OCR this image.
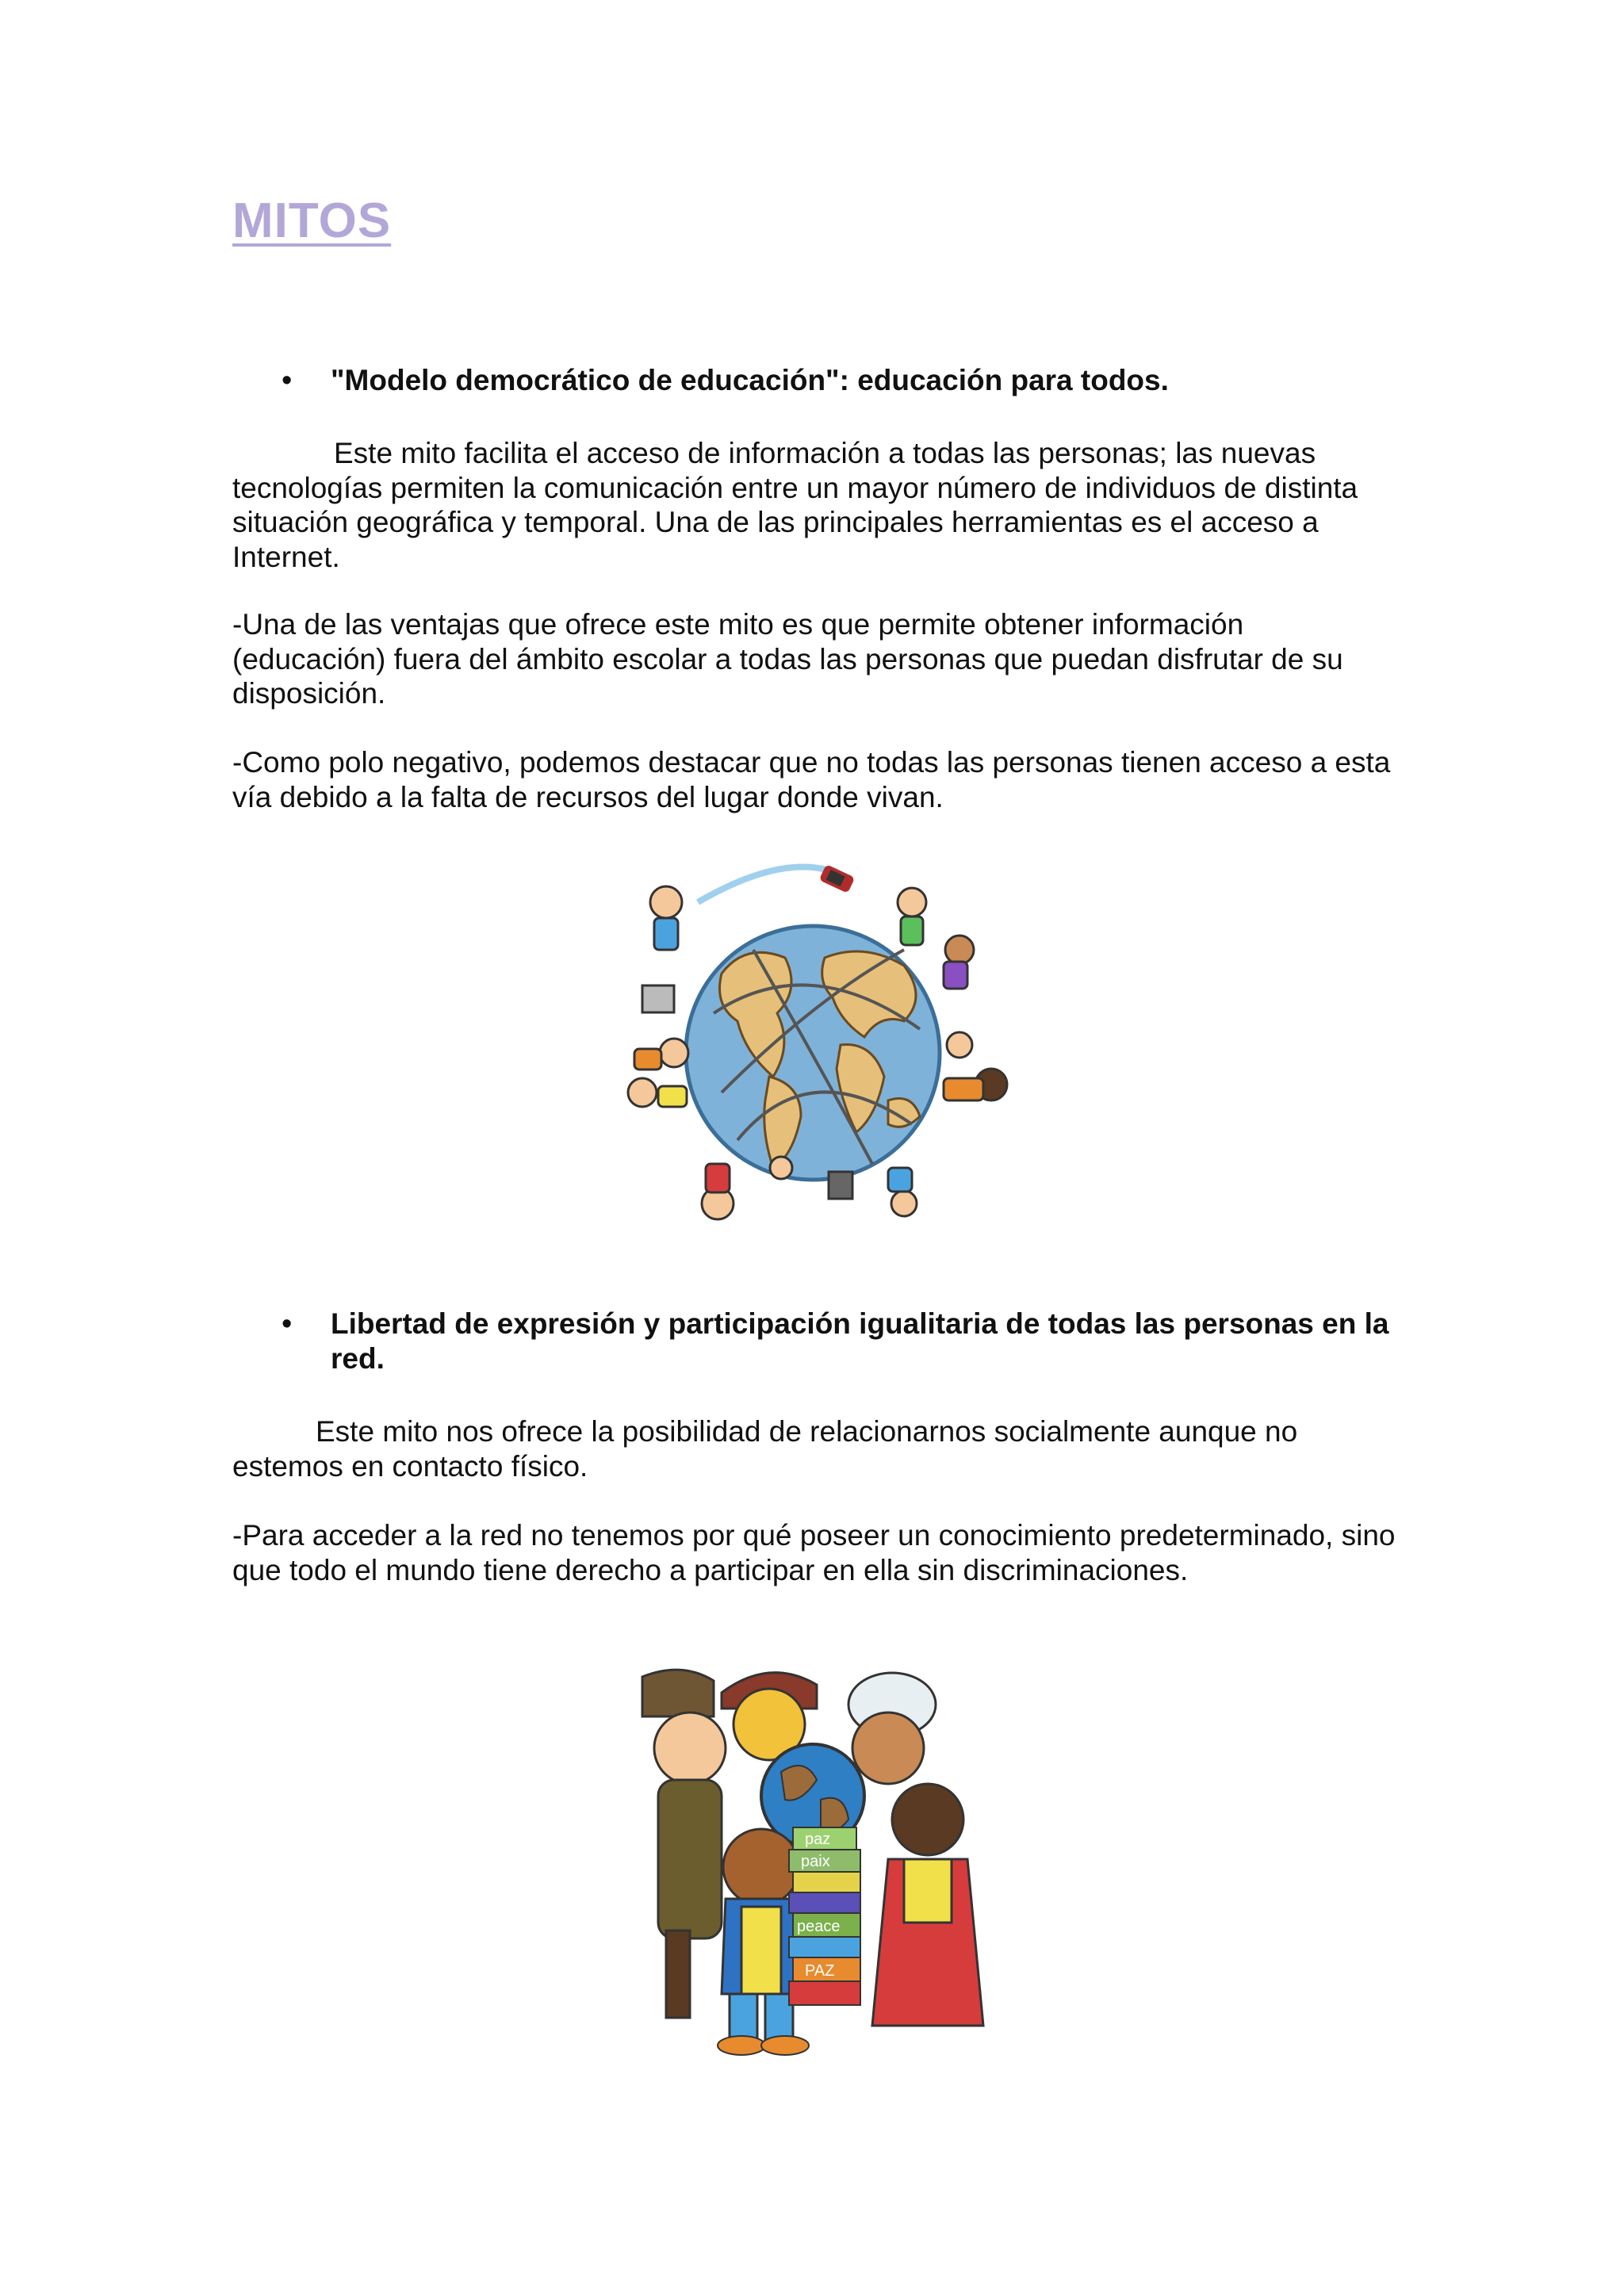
MITOS
•	"Modelo democrático de educación": educación para todos.

Este mito facilita el acceso de información a todas las personas; las nuevas tecnologías permiten la comunicación entre un mayor número de individuos de distinta situación geográfica y temporal. Una de las principales herramientas es el acceso a Internet.

-Una de las ventajas que ofrece este mito es que permite obtener información (educación) fuera del ámbito escolar a todas las personas que puedan disfrutar de su disposición.

-Como polo negativo, podemos destacar que no todas las personas tienen acceso a esta vía debido a la falta de recursos del lugar donde vivan.

•	Libertad de expresión y participación igualitaria de todas las personas en la red.

Este mito nos ofrece la posibilidad de relacionarnos socialmente aunque no estemos en contacto físico.

-Para acceder a la red no tenemos por qué poseer un conocimiento predeterminado, sino que todo el mundo tiene derecho a participar en ella sin discriminaciones.

paz
paix
peace
PAZ
